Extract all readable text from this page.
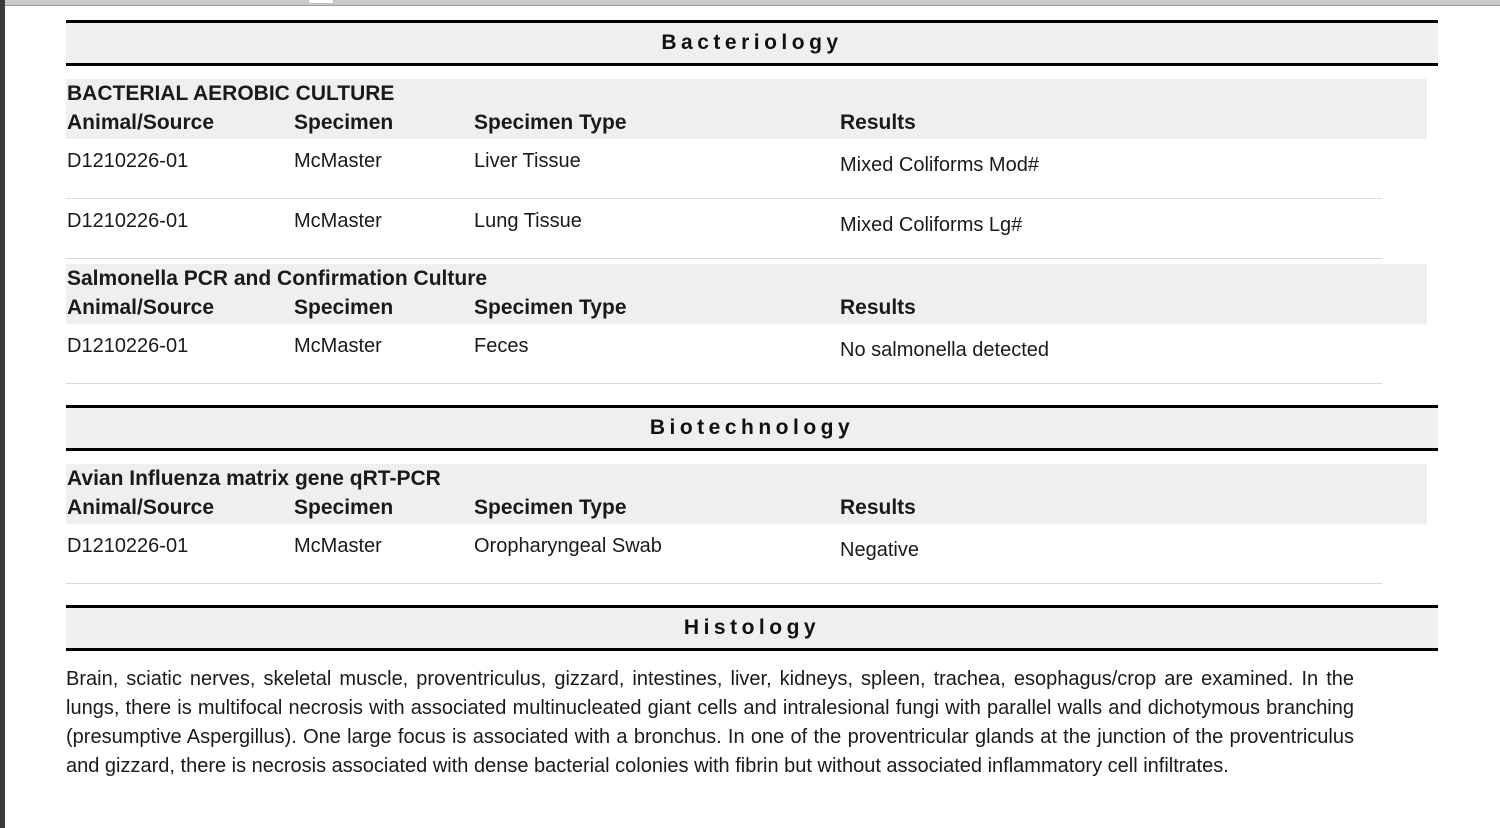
Bacteriology
BACTERIAL AEROBIC CULTURE
Animal/Source	Specimen	Specimen Type	Results
D1210226-01	McMaster	Liver Tissue	Mixed Coliforms Mod#
D1210226-01	McMaster	Lung Tissue	Mixed Coliforms Lg#
Salmonella PCR and Confirmation Culture
Animal/Source	Specimen	Specimen Type	Results
D1210226-01	McMaster	Feces	No salmonella detected
Biotechnology
Avian Influenza matrix gene qRT-PCR
Animal/Source	Specimen	Specimen Type	Results
D1210226-01	McMaster	Oropharyngeal Swab	Negative
Histology
Brain, sciatic nerves, skeletal muscle, proventriculus, gizzard, intestines, liver, kidneys, spleen, trachea, esophagus/crop are examined. In the lungs, there is multifocal necrosis with associated multinucleated giant cells and intralesional fungi with parallel walls and dichotymous branching (presumptive Aspergillus). One large focus is associated with a bronchus. In one of the proventricular glands at the junction of the proventriculus and gizzard, there is necrosis associated with dense bacterial colonies with fibrin but without associated inflammatory cell infiltrates.
